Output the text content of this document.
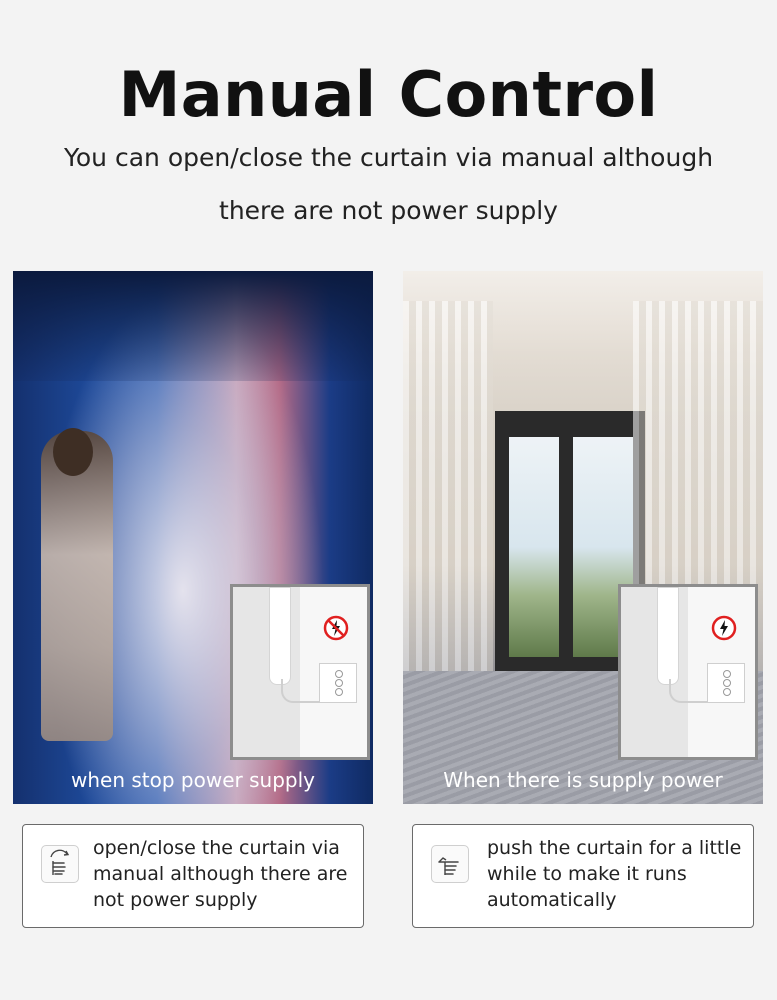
Manual Control
You can open/close the curtain via manual although
there are not power supply
when stop power supply	When there is supply power
open/close the curtain via manual although there are not power supply
push the curtain for a little while to make it runs automatically
